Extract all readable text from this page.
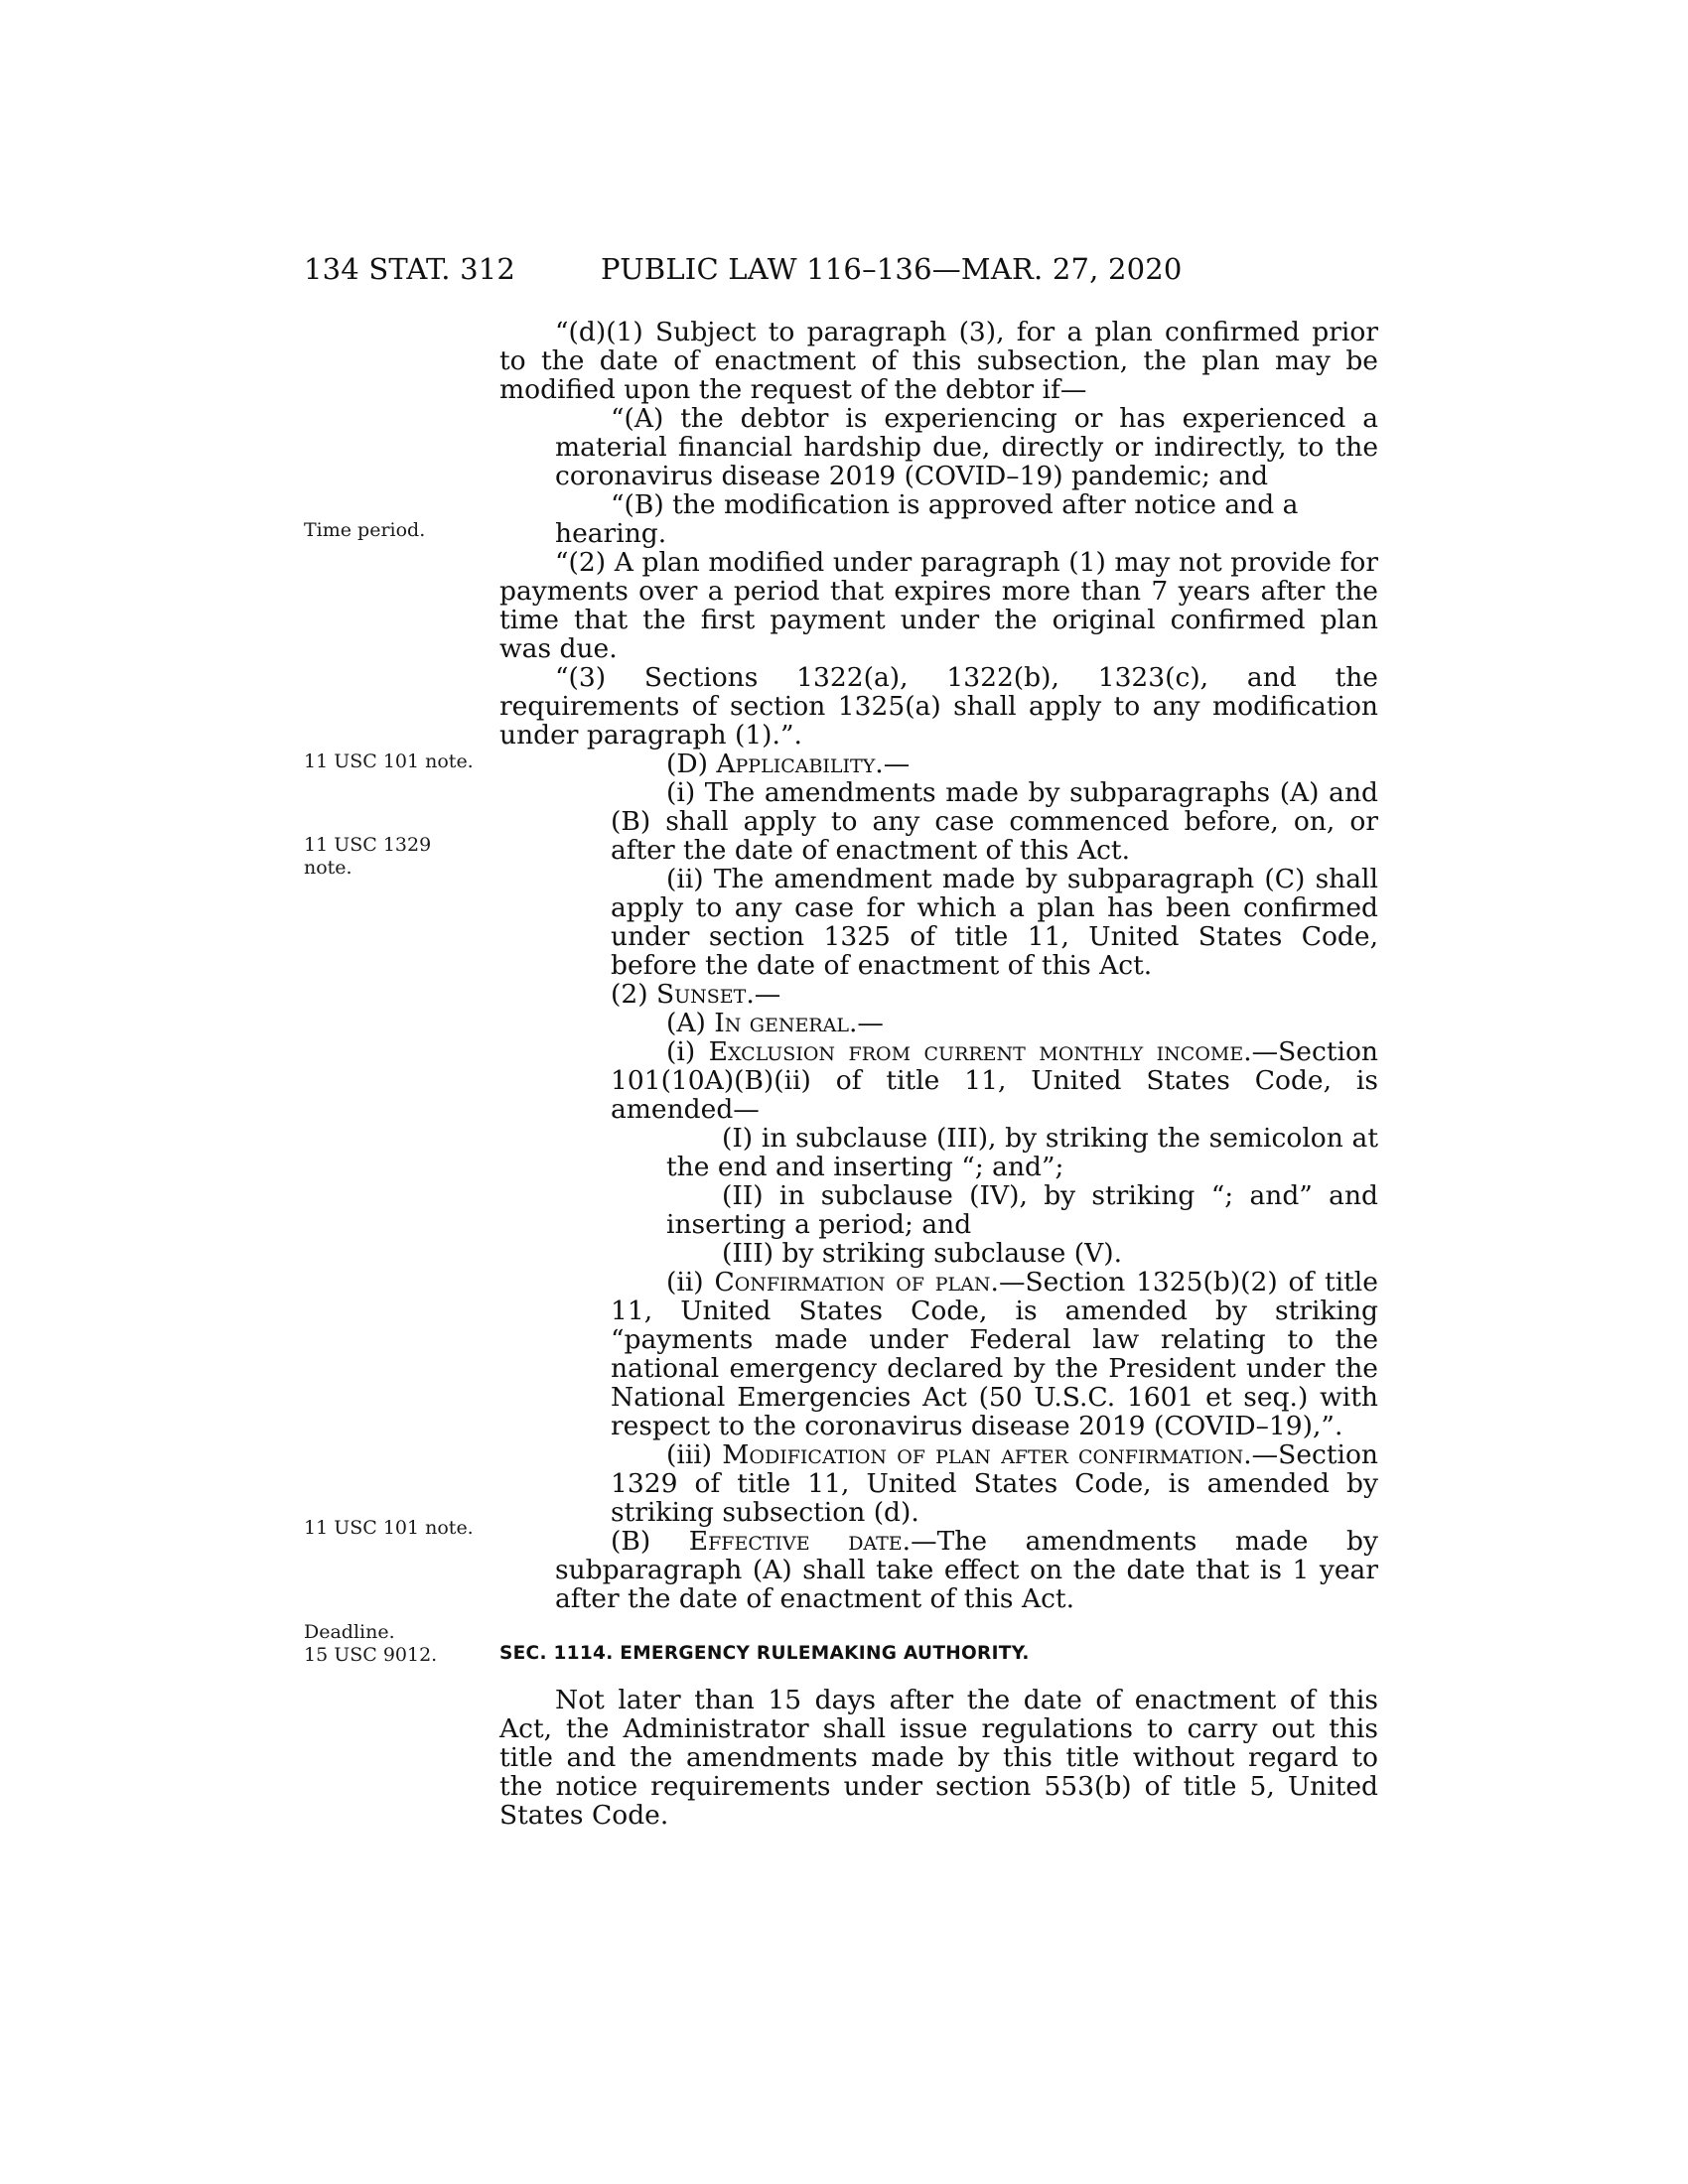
134 STAT. 312	PUBLIC LAW 116–136—MAR. 27, 2020
Time period.
11 USC 101 note.
11 USC 1329
note.
11 USC 101 note.
Deadline.
15 USC 9012.

“(d)(1) Subject to paragraph (3), for a plan confirmed prior to the date of enactment of this subsection, the plan may be modified upon the request of the debtor if—

“(A) the debtor is experiencing or has experienced a material financial hardship due, directly or indirectly, to the coronavirus disease 2019 (COVID–19) pandemic; and

“(B) the modification is approved after notice and a hearing.

“(2) A plan modified under paragraph (1) may not provide for payments over a period that expires more than 7 years after the time that the first payment under the original confirmed plan was due.

“(3) Sections 1322(a), 1322(b), 1323(c), and the requirements of section 1325(a) shall apply to any modification under paragraph (1).”.

(D) Applicability.—

(i) The amendments made by subparagraphs (A) and (B) shall apply to any case commenced before, on, or after the date of enactment of this Act.

(ii) The amendment made by subparagraph (C) shall apply to any case for which a plan has been confirmed under section 1325 of title 11, United States Code, before the date of enactment of this Act.

(2) Sunset.—

(A) In general.—

(i) Exclusion from current monthly income.—Section 101(10A)(B)(ii) of title 11, United States Code, is amended—

(I) in subclause (III), by striking the semicolon at the end and inserting “; and”;

(II) in subclause (IV), by striking “; and” and inserting a period; and

(III) by striking subclause (V).

(ii) Confirmation of plan.—Section 1325(b)(2) of title 11, United States Code, is amended by striking “payments made under Federal law relating to the national emergency declared by the President under the National Emergencies Act (50 U.S.C. 1601 et seq.) with respect to the coronavirus disease 2019 (COVID–19),”.

(iii) Modification of plan after confirmation.—Section 1329 of title 11, United States Code, is amended by striking subsection (d).

(B) Effective date.—The amendments made by subparagraph (A) shall take effect on the date that is 1 year after the date of enactment of this Act.

SEC. 1114. EMERGENCY RULEMAKING AUTHORITY.

Not later than 15 days after the date of enactment of this Act, the Administrator shall issue regulations to carry out this title and the amendments made by this title without regard to the notice requirements under section 553(b) of title 5, United States Code.
